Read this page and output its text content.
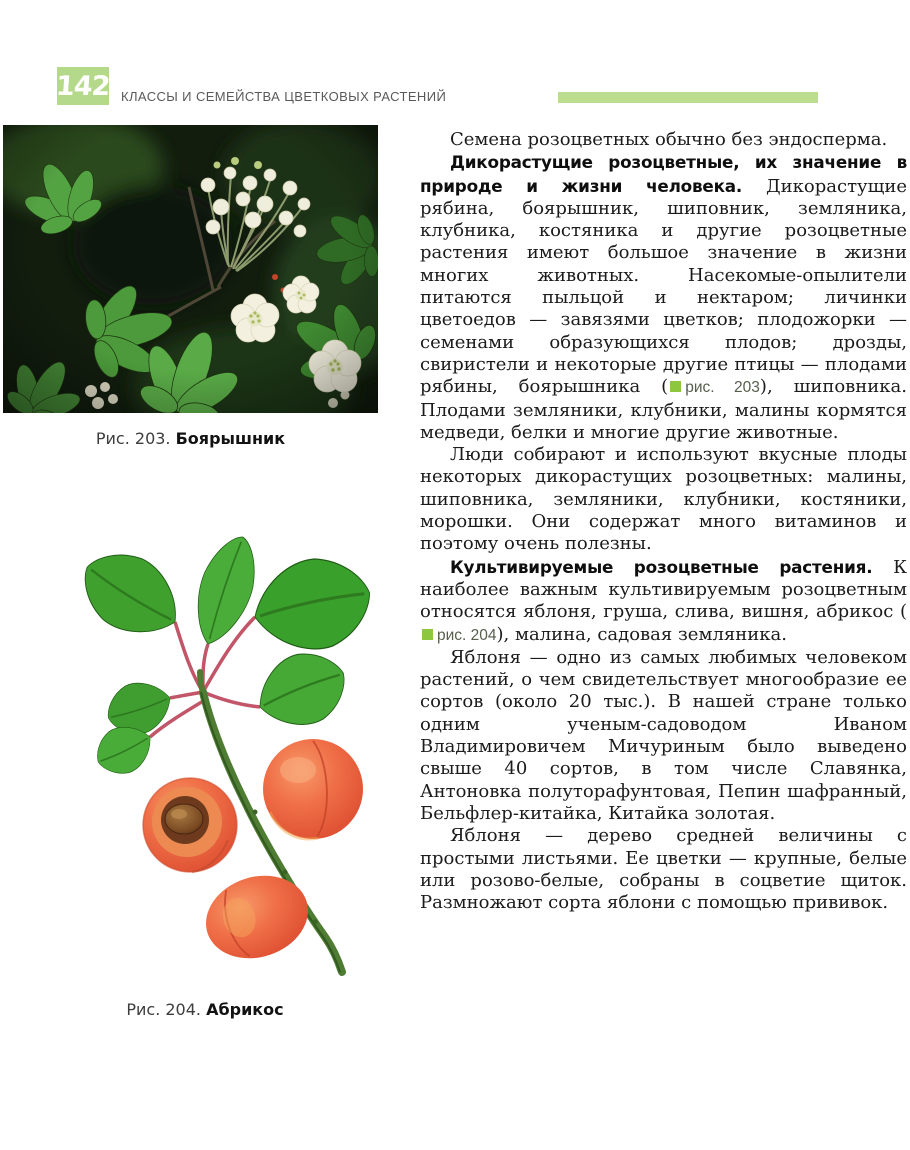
142 КЛАССЫ И СЕМЕЙСТВА ЦВЕТКОВЫХ РАСТЕНИЙ
Рис. 203. Боярышник
Рис. 204. Абрикос

Семена розоцветных обычно без эндосперма.

Дикорастущие розоцветные, их значение в природе и жизни человека. Дикорастущие рябина, боярышник, шиповник, земляника, клубника, костяника и другие розоцветные растения имеют большое значение в жизни многих животных. Насекомые-опылители питаются пыльцой и нектаром; личинки цветоедов — завязями цветков; плодожорки — семенами образующихся плодов; дрозды, свиристели и некоторые другие птицы — плодами рябины, боярышника ( рис. 203), шиповника. Плодами земляники, клубники, малины кормятся медведи, белки и многие другие животные.

Люди собирают и используют вкусные плоды некоторых дикорастущих розоцветных: малины, шиповника, земляники, клубники, костяники, морошки. Они содержат много витаминов и поэтому очень полезны.

Культивируемые розоцветные растения. К наиболее важным культивируемым розоцветным относятся яблоня, груша, слива, вишня, абрикос (рис. 204), малина, садовая земляника.

Яблоня — одно из самых любимых человеком растений, о чем свидетельствует многообразие ее сортов (около 20 тыс.). В нашей стране только одним ученым-садоводом Иваном Владимировичем Мичуриным было выведено свыше 40 сортов, в том числе Славянка, Антоновка полуторафунтовая, Пепин шафранный, Бельфлер-китайка, Китайка золотая.

Яблоня — дерево средней величины с простыми листьями. Ее цветки — крупные, белые или розово-белые, собраны в соцветие щиток. Размножают сорта яблони с помощью прививок.
